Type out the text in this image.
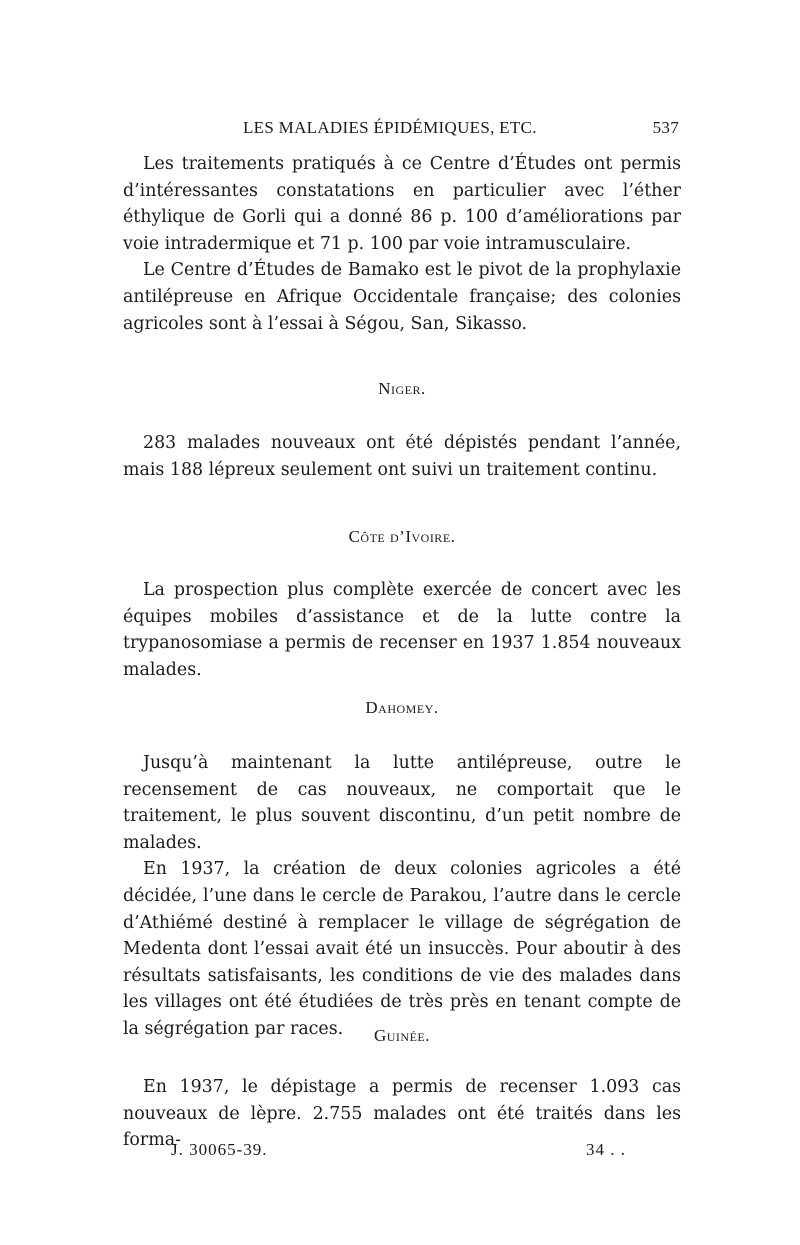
LES MALADIES ÉPIDÉMIQUES, ETC.	537

Les traitements pratiqués à ce Centre d’Études ont permis d’intéressantes constatations en particulier avec l’éther éthylique de Gorli qui a donné 86 p. 100 d’améliorations par voie intradermique et 71 p. 100 par voie intramusculaire.

Le Centre d’Études de Bamako est le pivot de la prophylaxie antilépreuse en Afrique Occidentale française; des colonies agricoles sont à l’essai à Ségou, San, Sikasso.

Niger.

283 malades nouveaux ont été dépistés pendant l’année, mais 188 lépreux seulement ont suivi un traitement continu.

Côte d’Ivoire.

La prospection plus complète exercée de concert avec les équipes mobiles d’assistance et de la lutte contre la trypanosomiase a permis de recenser en 1937 1.854 nouveaux malades.

Dahomey.

Jusqu’à maintenant la lutte antilépreuse, outre le recensement de cas nouveaux, ne comportait que le traitement, le plus souvent discontinu, d’un petit nombre de malades.

En 1937, la création de deux colonies agricoles a été décidée, l’une dans le cercle de Parakou, l’autre dans le cercle d’Athiémé destiné à remplacer le village de ségrégation de Medenta dont l’essai avait été un insuccès. Pour aboutir à des résultats satisfaisants, les conditions de vie des malades dans les villages ont été étudiées de très près en tenant compte de la ségrégation par races.	Guinée.

En 1937, le dépistage a permis de recenser 1.093 cas nouveaux de lèpre. 2.755 malades ont été traités dans les forma-

J. 30065-39.	34 . .
